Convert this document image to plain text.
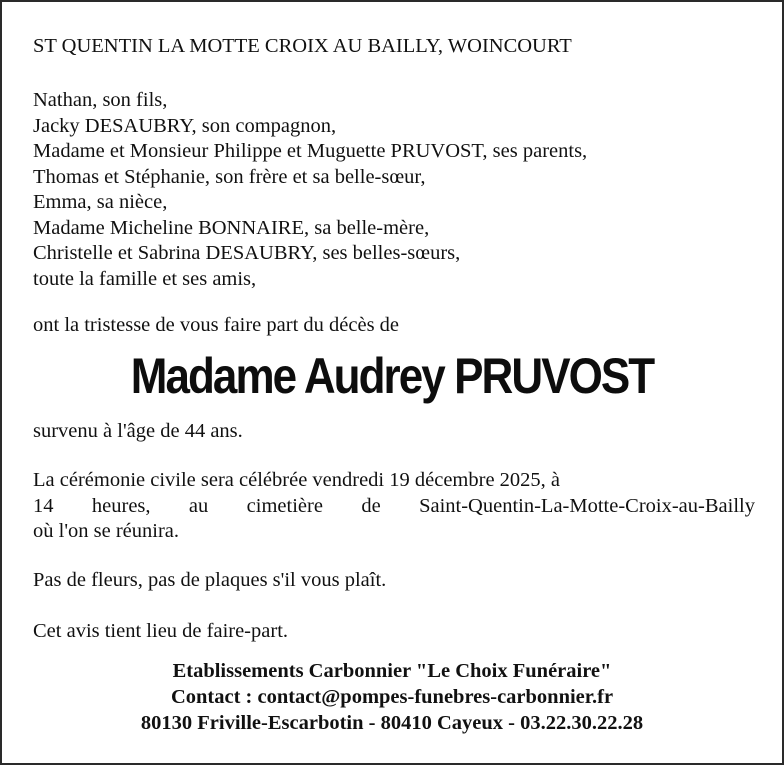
ST QUENTIN LA MOTTE CROIX AU BAILLY, WOINCOURT
Nathan, son fils,
Jacky DESAUBRY, son compagnon,
Madame et Monsieur Philippe et Muguette PRUVOST, ses parents,
Thomas et Stéphanie, son frère et sa belle-sœur,
Emma, sa nièce,
Madame Micheline BONNAIRE, sa belle-mère,
Christelle et Sabrina DESAUBRY, ses belles-sœurs,
toute la famille et ses amis,
ont la tristesse de vous faire part du décès de
Madame Audrey PRUVOST
survenu à l'âge de 44 ans.
La cérémonie civile sera célébrée vendredi 19 décembre 2025, à
14 heures, au cimetière de Saint-Quentin-La-Motte-Croix-au-Bailly
où l'on se réunira.
Pas de fleurs, pas de plaques s'il vous plaît.
Cet avis tient lieu de faire-part.
Etablissements Carbonnier "Le Choix Funéraire"
Contact : contact@pompes-funebres-carbonnier.fr
80130 Friville-Escarbotin - 80410 Cayeux - 03.22.30.22.28
